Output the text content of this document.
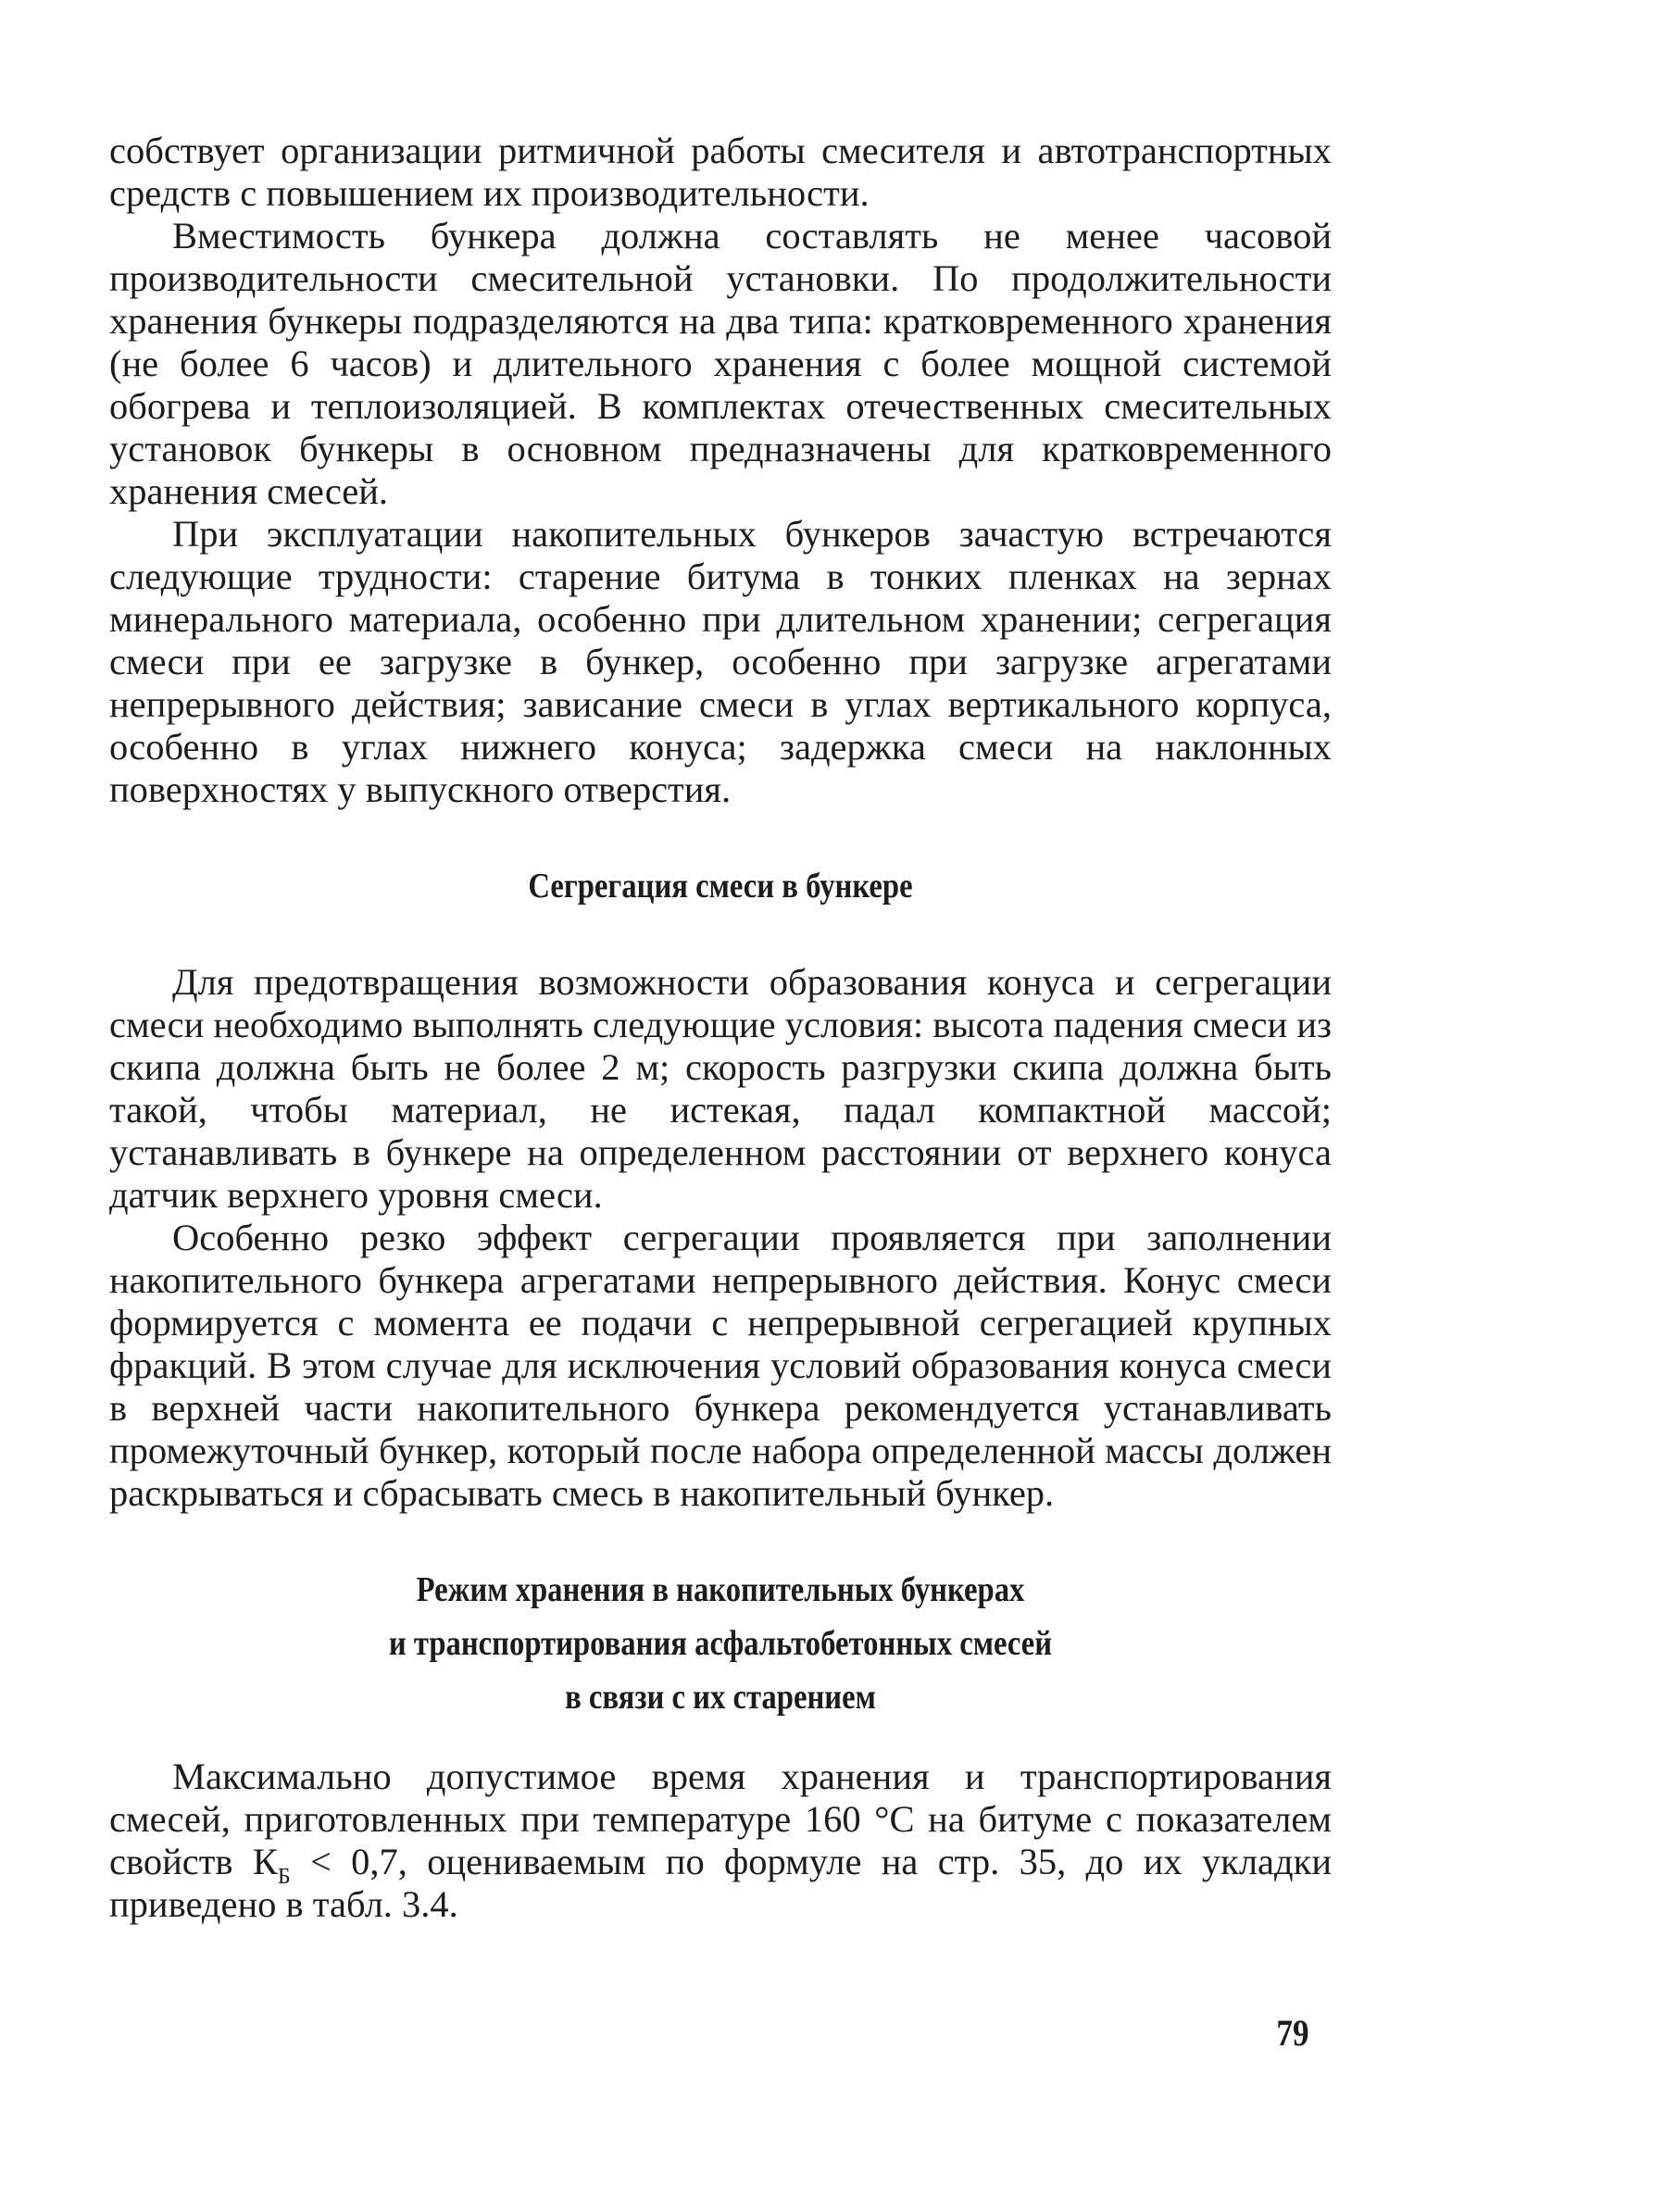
собствует организации ритмичной работы смесителя и автотранспортных средств с повышением их производительности.

Вместимость бункера должна составлять не менее часовой производительности смесительной установки. По продолжительности хранения бункеры подразделяются на два типа: кратковременного хранения (не более 6 часов) и длительного хранения с более мощной системой обогрева и теплоизоляцией. В комплектах отечественных смесительных установок бункеры в основном предназначены для кратковременного хранения смесей.

При эксплуатации накопительных бункеров зачастую встречаются следующие трудности: старение битума в тонких пленках на зернах минерального материала, особенно при длительном хранении; сегрегация смеси при ее загрузке в бункер, особенно при загрузке агрегатами непрерывного действия; зависание смеси в углах вертикального корпуса, особенно в углах нижнего конуса; задержка смеси на наклонных поверхностях у выпускного отверстия.

Сегрегация смеси в бункере

Для предотвращения возможности образования конуса и сегрегации смеси необходимо выполнять следующие условия: высота падения смеси из скипа должна быть не более 2 м; скорость разгрузки скипа должна быть такой, чтобы материал, не истекая, падал компактной массой; устанавливать в бункере на определенном расстоянии от верхнего конуса датчик верхнего уровня смеси.

Особенно резко эффект сегрегации проявляется при заполнении накопительного бункера агрегатами непрерывного действия. Конус смеси формируется с момента ее подачи с непрерывной сегрегацией крупных фракций. В этом случае для исключения условий образования конуса смеси в верхней части накопительного бункера рекомендуется устанавливать промежуточный бункер, который после набора определенной массы должен раскрываться и сбрасывать смесь в накопительный бункер.

Режим хранения в накопительных бункерах
и транспортирования асфальтобетонных смесей
в связи с их старением

Максимально допустимое время хранения и транспортирования смесей, приготовленных при температуре 160 °С на битуме с показателем свойств $К_Б < 0,7$, оцениваемым по формуле на стр. 35, до их укладки приведено в табл. 3.4.

79
